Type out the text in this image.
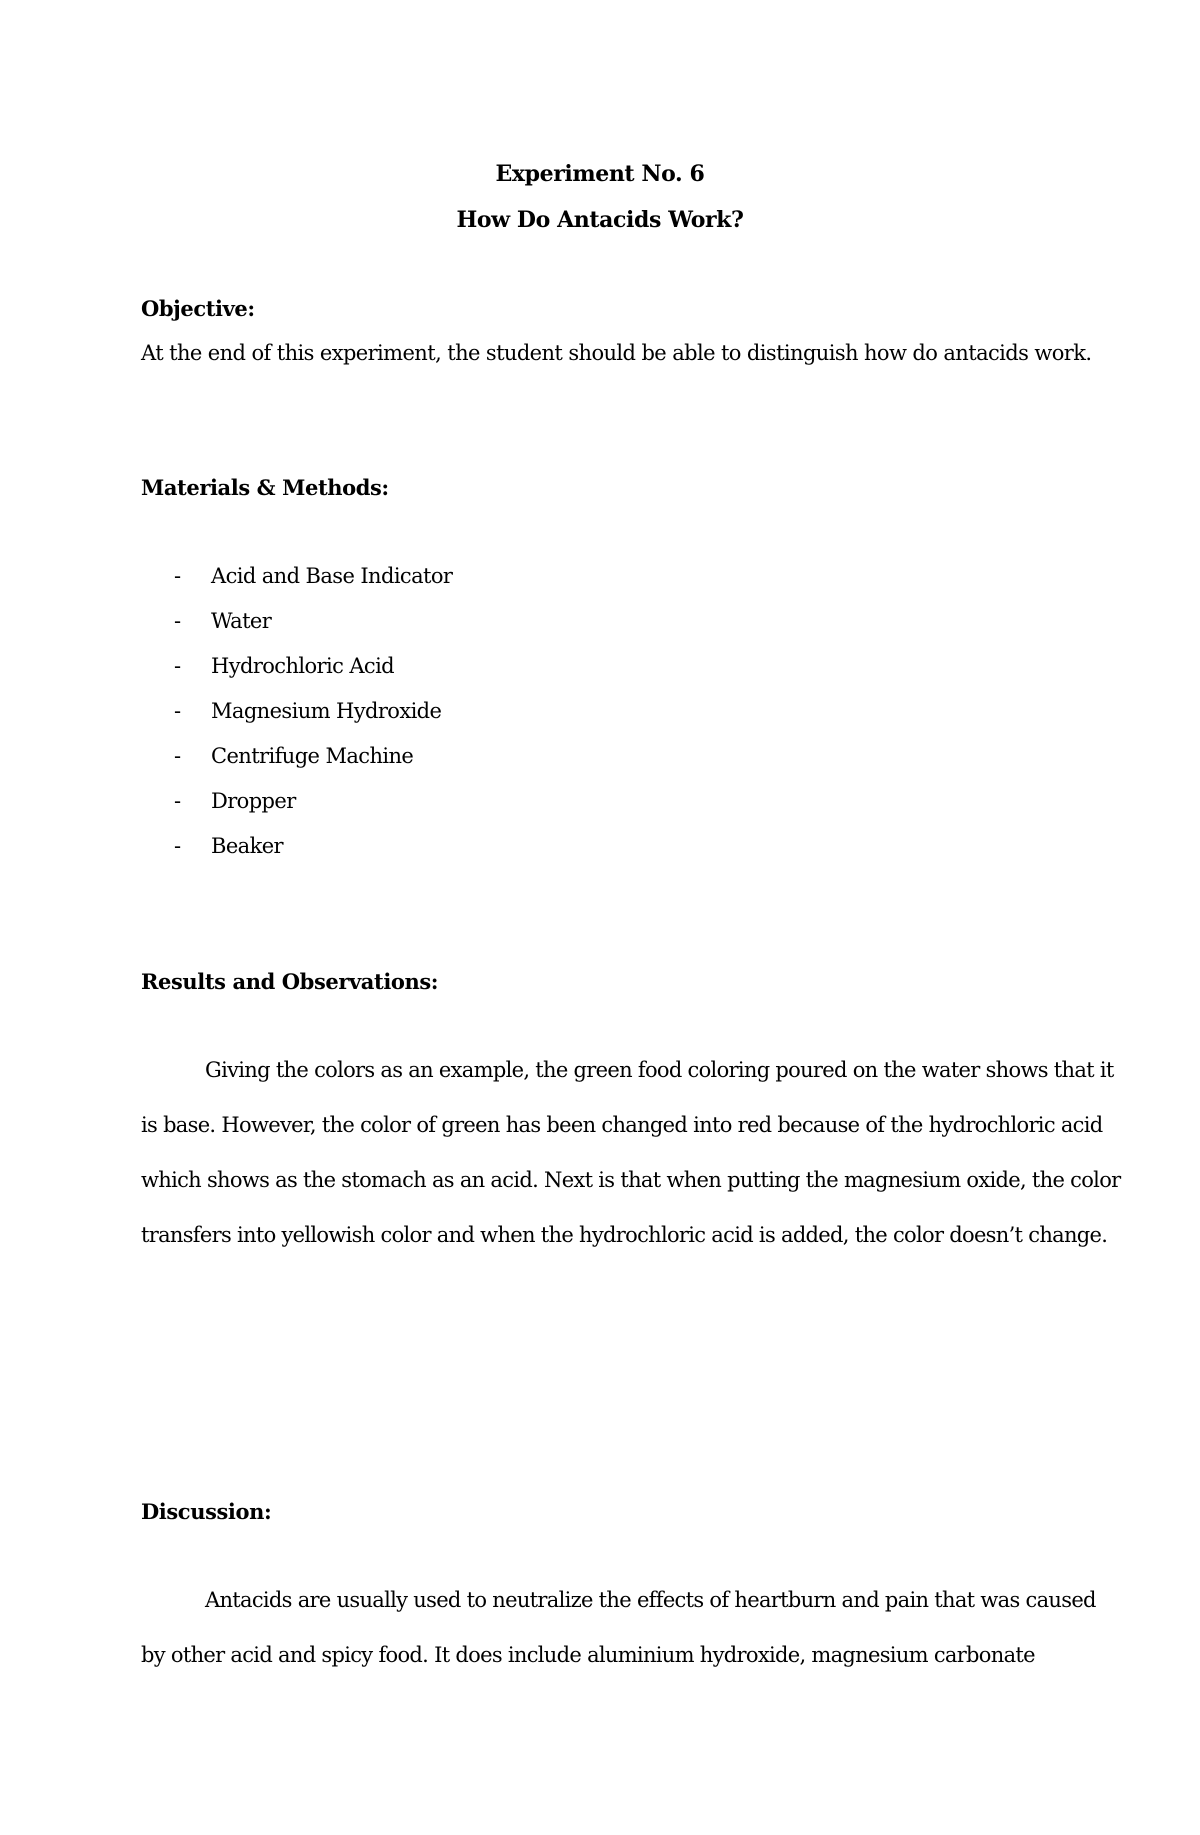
Experiment No. 6
How Do Antacids Work?
Objective:
At the end of this experiment, the student should be able to distinguish how do antacids work.
Materials & Methods:
- Acid and Base Indicator
- Water
- Hydrochloric Acid
- Magnesium Hydroxide
- Centrifuge Machine
- Dropper
- Beaker
Results and Observations:

Giving the colors as an example, the green food coloring poured on the water shows that it
is base. However, the color of green has been changed into red because of the hydrochloric acid
which shows as the stomach as an acid. Next is that when putting the magnesium oxide, the color
transfers into yellowish color and when the hydrochloric acid is added, the color doesn’t change.

Discussion:

Antacids are usually used to neutralize the effects of heartburn and pain that was caused
by other acid and spicy food. It does include aluminium hydroxide, magnesium carbonate
